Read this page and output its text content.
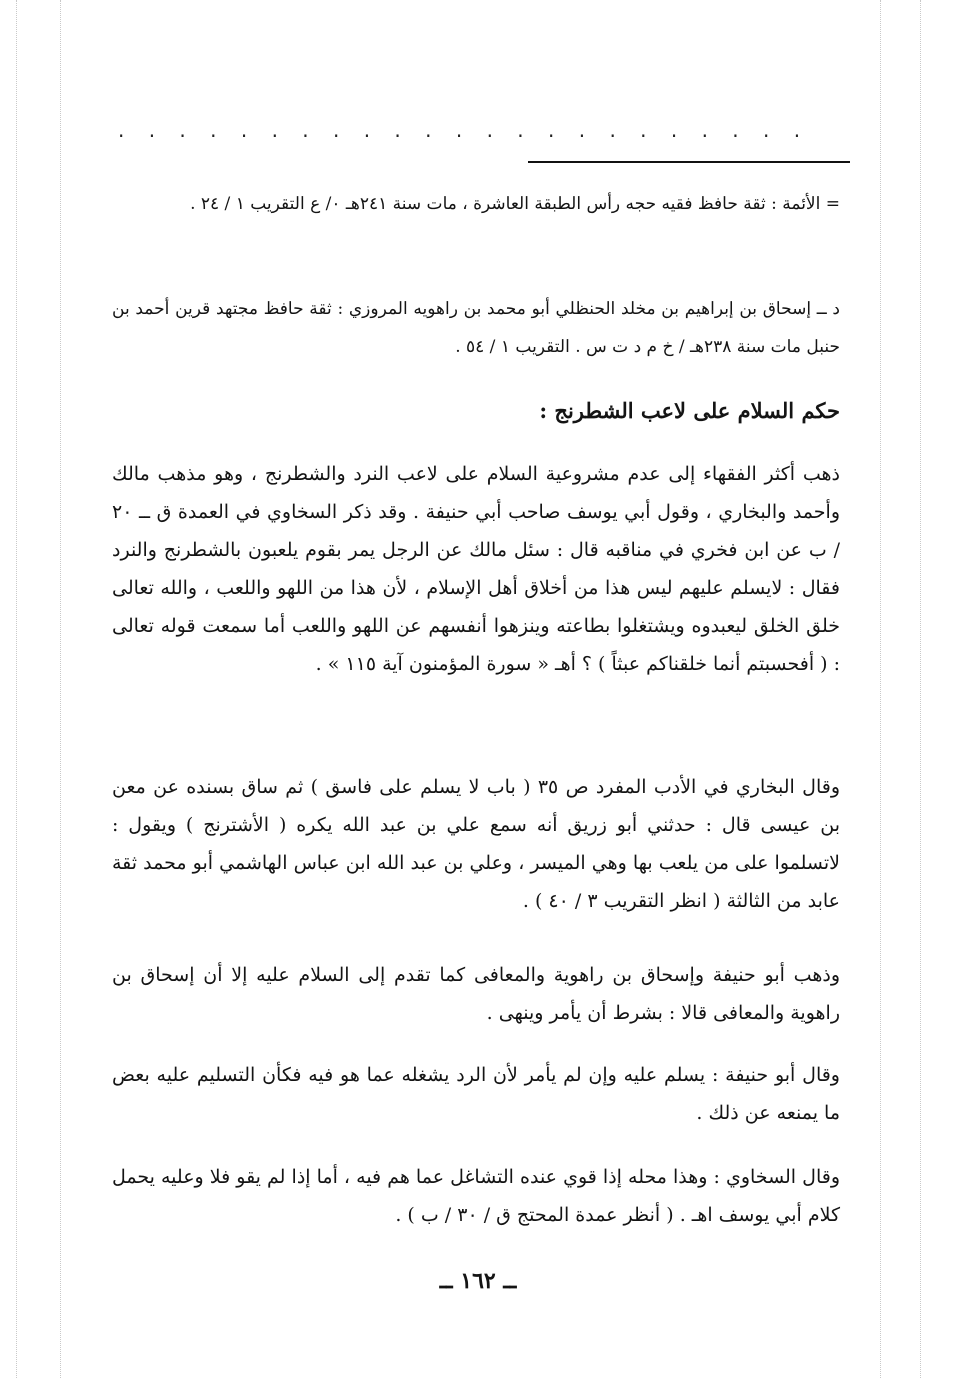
. . . . . . . . . . . . . . . . . . . . . . .
= الأئمة : ثقة حافظ فقيه حجه رأس الطبقة العاشرة ، مات سنة ٢٤١هـ ٠/ ع التقريب ١ / ٢٤ .
د ــ إسحاق بن إبراهيم بن مخلد الحنظلي أبو محمد بن راهويه المروزي : ثقة حافظ مجتهد قرين أحمد بن حنبل مات سنة ٢٣٨هـ / خ م د ت س . التقريب ١ / ٥٤ .
حكم السلام على لاعب الشطرنج :
ذهب أكثر الفقهاء إلى عدم مشروعية السلام على لاعب النرد والشطرنج ، وهو مذهب مالك وأحمد والبخاري ، وقول أبي يوسف صاحب أبي حنيفة . وقد ذكر السخاوي في العمدة ق ــ ٢٠ / ب عن ابن فخري في مناقبه قال : سئل مالك عن الرجل يمر بقوم يلعبون بالشطرنج والنرد فقال : لايسلم عليهم ليس هذا من أخلاق أهل الإسلام ، لأن هذا من اللهو واللعب ، والله تعالى خلق الخلق ليعبدوه ويشتغلوا بطاعته وينزهوا أنفسهم عن اللهو واللعب أما سمعت قوله تعالى : ( أفحسبتم أنما خلقناكم عبثاً ) ؟ أهـ « سورة المؤمنون آية ١١٥ » .
وقال البخاري في الأدب المفرد ص ٣٥ ( باب لا يسلم على فاسق ) ثم ساق بسنده عن معن بن عيسى قال : حدثني أبو زريق أنه سمع علي بن عبد الله يكره ( الأشترنج ) ويقول : لاتسلموا على من يلعب بها وهي الميسر ، وعلي بن عبد الله ابن عباس الهاشمي أبو محمد ثقة عابد من الثالثة ( انظر التقريب ٣ / ٤٠ ) .
وذهب أبو حنيفة وإسحاق بن راهوية والمعافى كما تقدم إلى السلام عليه إلا أن إسحاق بن راهوية والمعافى قالا : بشرط أن يأمر وينهى .
وقال أبو حنيفة : يسلم عليه وإن لم يأمر لأن الرد يشغله عما هو فيه فكأن التسليم عليه بعض ما يمنعه عن ذلك .
وقال السخاوي : وهذا محله إذا قوي عنده التشاغل عما هم فيه ، أما إذا لم يقو فلا وعليه يحمل كلام أبي يوسف اهـ . ( أنظر عمدة المحتج ق / ٣٠ / ب ) .
ــ ١٦٢ ــ
